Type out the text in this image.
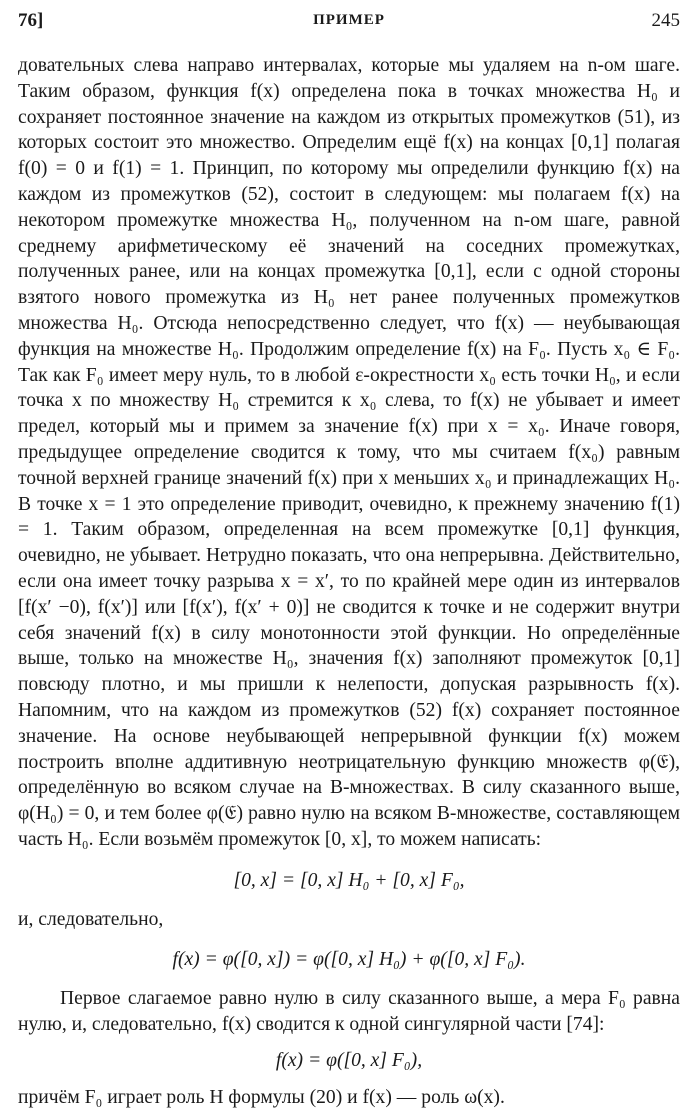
76]	ПРИМЕР	245

довательных слева направо интервалах, которые мы удаляем на n-ом шаге. Таким образом, функция f(x) определена пока в точках множества H₀ и сохраняет постоянное значение на каждом из открытых промежутков (51), из которых состоит это множество. Определим ещё f(x) на концах [0,1] полагая f(0) = 0 и f(1) = 1. Принцип, по которому мы определили функцию f(x) на каждом из промежутков (52), состоит в следующем: мы полагаем f(x) на некотором промежутке множества H₀, полученном на n-ом шаге, равной среднему арифметическому её значений на соседних промежутках, полученных ранее, или на концах промежутка [0,1], если с одной стороны взятого нового промежутка из H₀ нет ранее полученных промежутков множества H₀. Отсюда непосредственно следует, что f(x) — неубывающая функция на множестве H₀. Продолжим определение f(x) на F₀. Пусть x₀ ∈ F₀. Так как F₀ имеет меру нуль, то в любой ε-окрестности x₀ есть точки H₀, и если точка x по множеству H₀ стремится к x₀ слева, то f(x) не убывает и имеет предел, который мы и примем за значение f(x) при x = x₀. Иначе говоря, предыдущее определение сводится к тому, что мы считаем f(x₀) равным точной верхней границе значений f(x) при x меньших x₀ и принадлежащих H₀. В точке x = 1 это определение приводит, очевидно, к прежнему значению f(1) = 1. Таким образом, определенная на всем промежутке [0,1] функция, очевидно, не убывает. Нетрудно показать, что она непрерывна. Действительно, если она имеет точку разрыва x = x′, то по крайней мере один из интервалов [f(x′ −0), f(x′)] или [f(x′), f(x′ + 0)] не сводится к точке и не содержит внутри себя значений f(x) в силу монотонности этой функции. Но определённые выше, только на множестве H₀, значения f(x) заполняют промежуток [0,1] повсюду плотно, и мы пришли к нелепости, допуская разрывность f(x). Напомним, что на каждом из промежутков (52) f(x) сохраняет постоянное значение. На основе неубывающей непрерывной функции f(x) можем построить вполне аддитивную неотрицательную функцию множеств φ(𝔈), определённую во всяком случае на B-множествах. В силу сказанного выше, φ(H₀) = 0, и тем более φ(𝔈) равно нулю на всяком B-множестве, составляющем часть H₀. Если возьмём промежуток [0, x], то можем написать:

[0, x] = [0, x] H₀ + [0, x] F₀,

и, следовательно,

f(x) = φ([0, x]) = φ([0, x] H₀) + φ([0, x] F₀).

Первое слагаемое равно нулю в силу сказанного выше, а мера F₀ равна нулю, и, следовательно, f(x) сводится к одной сингулярной части [74]:

f(x) = φ([0, x] F₀),

причём F₀ играет роль H формулы (20) и f(x) — роль ω(x).
